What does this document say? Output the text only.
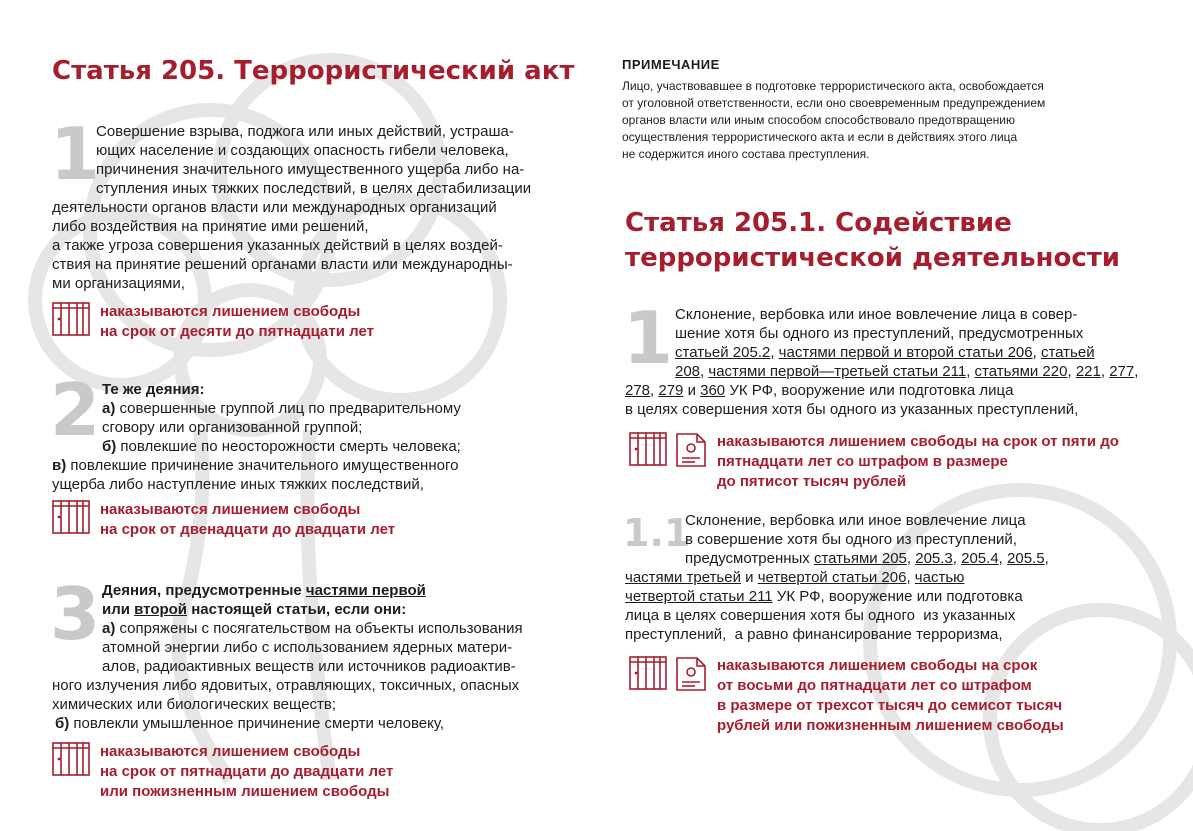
Статья 205. Террористический акт
1
Совершение взрыва, поджога или иных действий, устраша-
ющих население и создающих опасность гибели человека,
причинения значительного имущественного ущерба либо на-
ступления иных тяжких последствий, в целях дестабилизации
деятельности органов власти или международных организаций
либо воздействия на принятие ими решений,
а также угроза совершения указанных действий в целях воздей-
ствия на принятие решений органами власти или международны-
ми организациями,
наказываются лишением свободы
на срок от десяти до пятнадцати лет
2 Те же деяния:
а) совершенные группой лиц по предварительному
сговору или организованной группой;
б) повлекшие по неосторожности смерть человека;
в) повлекшие причинение значительного имущественного
ущерба либо наступление иных тяжких последствий,
наказываются лишением свободы
на срок от двенадцати до двадцати лет
3 Деяния, предусмотренные частями первой
или второй настоящей статьи, если они:
а) сопряжены с посягательством на объекты использования
атомной энергии либо с использованием ядерных матери-
алов, радиоактивных веществ или источников радиоактив-
ного излучения либо ядовитых, отравляющих, токсичных, опасных
химических или биологических веществ;
б) повлекли умышленное причинение смерти человеку,
наказываются лишением свободы
на срок от пятнадцати до двадцати лет
или пожизненным лишением свободы
ПРИМЕЧАНИЕ
Лицо, участвовавшее в подготовке террористического акта, освобождается
от уголовной ответственности, если оно своевременным предупреждением
органов власти или иным способом способствовало предотвращению
осуществления террористического акта и если в действиях этого лица
не содержится иного состава преступления.
Статья 205.1. Содействие
террористической деятельности
1 Склонение, вербовка или иное вовлечение лица в совер-
шение хотя бы одного из преступлений, предусмотренных
статьей 205.2, частями первой и второй статьи 206, статьей
208, частями первой—третьей статьи 211, статьями 220, 221, 277,
278, 279 и 360 УК РФ, вооружение или подготовка лица
в целях совершения хотя бы одного из указанных преступлений,
наказываются лишением свободы на срок от пяти до
пятнадцати лет со штрафом в размере
до пятисот тысяч рублей
1.1
Склонение, вербовка или иное вовлечение лица
в совершение хотя бы одного из преступлений,
предусмотренных статьями 205, 205.3, 205.4, 205.5,
частями третьей и четвертой статьи 206, частью
четвертой статьи 211 УК РФ, вооружение или подготовка
лица в целях совершения хотя бы одного  из указанных
преступлений,  а равно финансирование терроризма,
наказываются лишением свободы на срок
от восьми до пятнадцати лет со штрафом
в размере от трехсот тысяч до семисот тысяч
рублей или пожизненным лишением свободы
